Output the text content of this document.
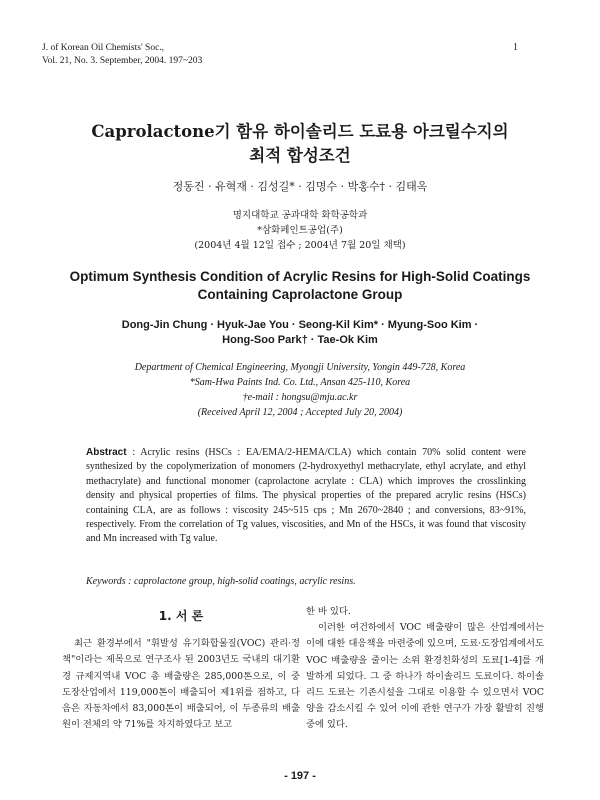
J. of Korean Oil Chemists' Soc.,
Vol. 21, No. 3. September, 2004. 197~203
1
Caprolactone기 함유 하이솔리드 도료용 아크릴수지의
최적 합성조건
정동진 · 유혁재 · 김성길* · 김명수 · 박홍수† · 김태옥
명지대학교 공과대학 화학공학과
*삼화페인트공업(주)
(2004년 4월 12일 접수 ; 2004년 7월 20일 채택)
Optimum Synthesis Condition of Acrylic Resins for High-Solid Coatings
Containing Caprolactone Group
Dong-Jin Chung · Hyuk-Jae You · Seong-Kil Kim* · Myung-Soo Kim ·
Hong-Soo Park† · Tae-Ok Kim
Department of Chemical Engineering, Myongji University, Yongin 449-728, Korea
*Sam-Hwa Paints Ind. Co. Ltd., Ansan 425-110, Korea
†e-mail : hongsu@mju.ac.kr
(Received April 12, 2004 ; Accepted July 20, 2004)
Abstract : Acrylic resins (HSCs : EA/EMA/2-HEMA/CLA) which contain 70% solid content were synthesized by the copolymerization of monomers (2-hydroxyethyl methacrylate, ethyl acrylate, and ethyl methacrylate) and functional monomer (caprolactone acrylate : CLA) which improves the crosslinking density and physical properties of films. The physical properties of the prepared acrylic resins (HSCs) containing CLA, are as follows : viscosity 245~515 cps ; Mn 2670~2840 ; and conversions, 83~91%, respectively. From the correlation of Tg values, viscosities, and Mn of the HSCs, it was found that viscosity and Mn increased with Tg value.
Keywords : caprolactone group, high-solid coatings, acrylic resins.
1. 서 론

최근 환경부에서 "휘발성 유기화합물질(VOC) 관리·정책"이라는 제목으로 연구조사 된 2003년도 국내의 대기환경 규제지역내 VOC 총 배출량은 285,000톤으로, 이 중 도장산업에서 119,000톤이 배출되어 제1위를 점하고, 다음은 자동차에서 83,000톤이 배출되어, 이 두종류의 배출원이 전체의 약 71%를 차지하였다고 보고

한 바 있다.

이러한 여건하에서 VOC 배출량이 많은 산업계에서는 이에 대한 대응책을 마련중에 있으며, 도료·도장업계에서도 VOC 배출량을 줄이는 소위 환경친화성의 도료[1-4]를 개발하게 되었다. 그 중 하나가 하이솔리드 도료이다. 하이솔리드 도료는 기존시설을 그대로 이용할 수 있으면서 VOC 양을 감소시킬 수 있어 이에 관한 연구가 가장 활발히 진행중에 있다.

- 197 -
